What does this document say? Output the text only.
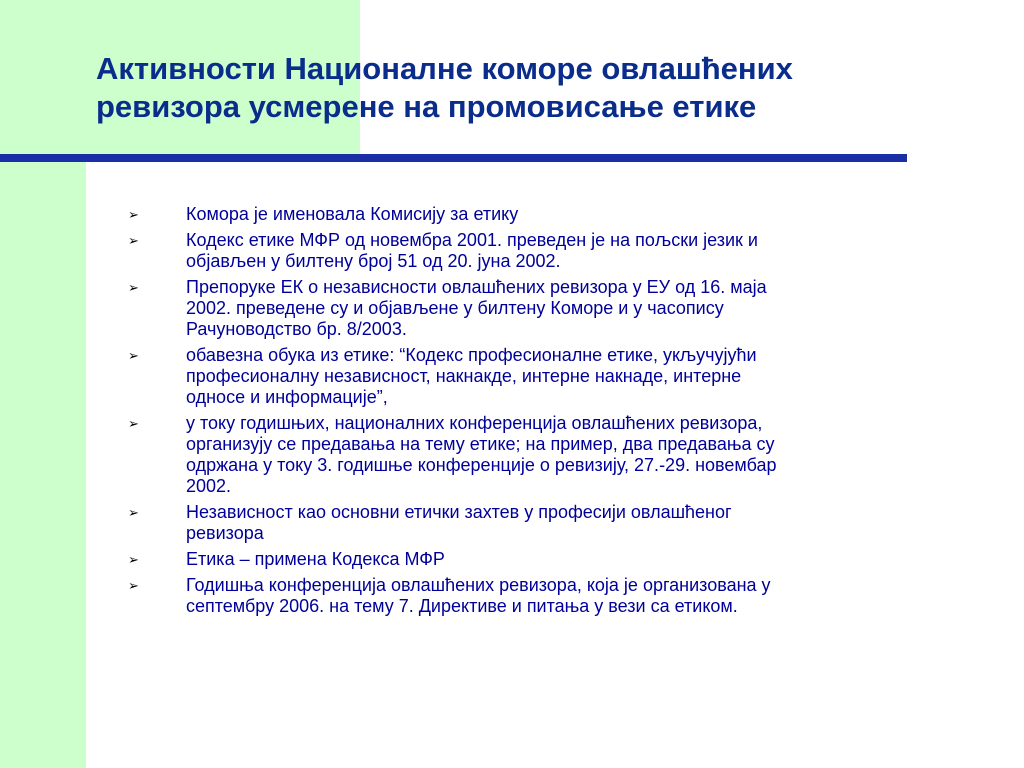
Активности Националне коморе овлашћених
ревизора усмерене на промовисање етике
➢	Комора је именовала Комисију за етику
➢	Кодекс етике МФР од новембра 2001. преведен је на пољски језик и
објављен у билтену број 51 од 20. јуна 2002.
➢	Препоруке ЕК о независности овлашћених ревизора у ЕУ од 16. маја
2002. преведене су и објављене у билтену Коморе и у часопису
Рачуноводство бр. 8/2003.
➢	обавезна обука из етике: “Кодекс професионалне етике, укључујући
професионалну независност, накнакде, интерне накнаде, интерне
односе и информације”,
➢	у току годишњих, националних конференција овлашћених ревизора,
организују се предавања на тему етике; на пример, два предавања су
одржана у току 3. годишње конференције о ревизију, 27.-29. новембар
2002.
➢	Независност као основни етички захтев у професији овлашћеног
ревизора
➢	Етика – примена Кодекса МФР
➢	Годишња конференција овлашћених ревизора, која је организована у
септембру 2006. на тему 7. Директиве и питања у вези са етиком.
